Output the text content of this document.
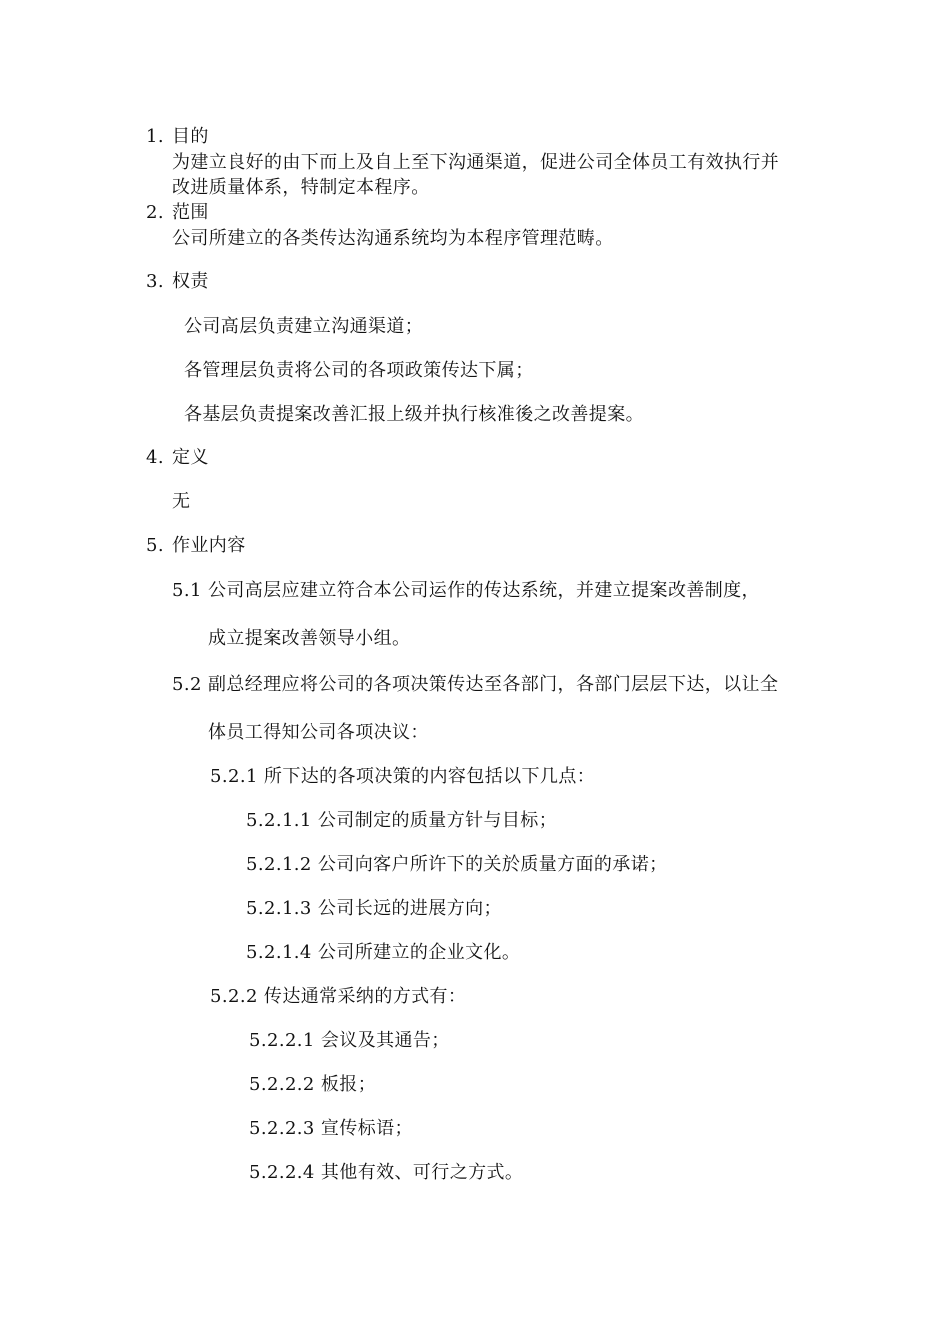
1. 目的
为建立良好的由下而上及自上至下沟通渠道，促进公司全体员工有效执行并
改进质量体系，特制定本程序。
2. 范围
公司所建立的各类传达沟通系统均为本程序管理范畴。
3. 权责
公司高层负责建立沟通渠道；
各管理层负责将公司的各项政策传达下属；
各基层负责提案改善汇报上级并执行核准後之改善提案。
4. 定义
无
5. 作业内容
5.1 公司高层应建立符合本公司运作的传达系统，并建立提案改善制度，
成立提案改善领导小组。
5.2 副总经理应将公司的各项决策传达至各部门，各部门层层下达，以让全
体员工得知公司各项决议：
5.2.1 所下达的各项决策的内容包括以下几点：
5.2.1.1 公司制定的质量方针与目标；
5.2.1.2 公司向客户所许下的关於质量方面的承诺；
5.2.1.3 公司长远的进展方向；
5.2.1.4 公司所建立的企业文化。
5.2.2 传达通常采纳的方式有：
5.2.2.1 会议及其通告；
5.2.2.2 板报；
5.2.2.3 宣传标语；
5.2.2.4 其他有效、可行之方式。
